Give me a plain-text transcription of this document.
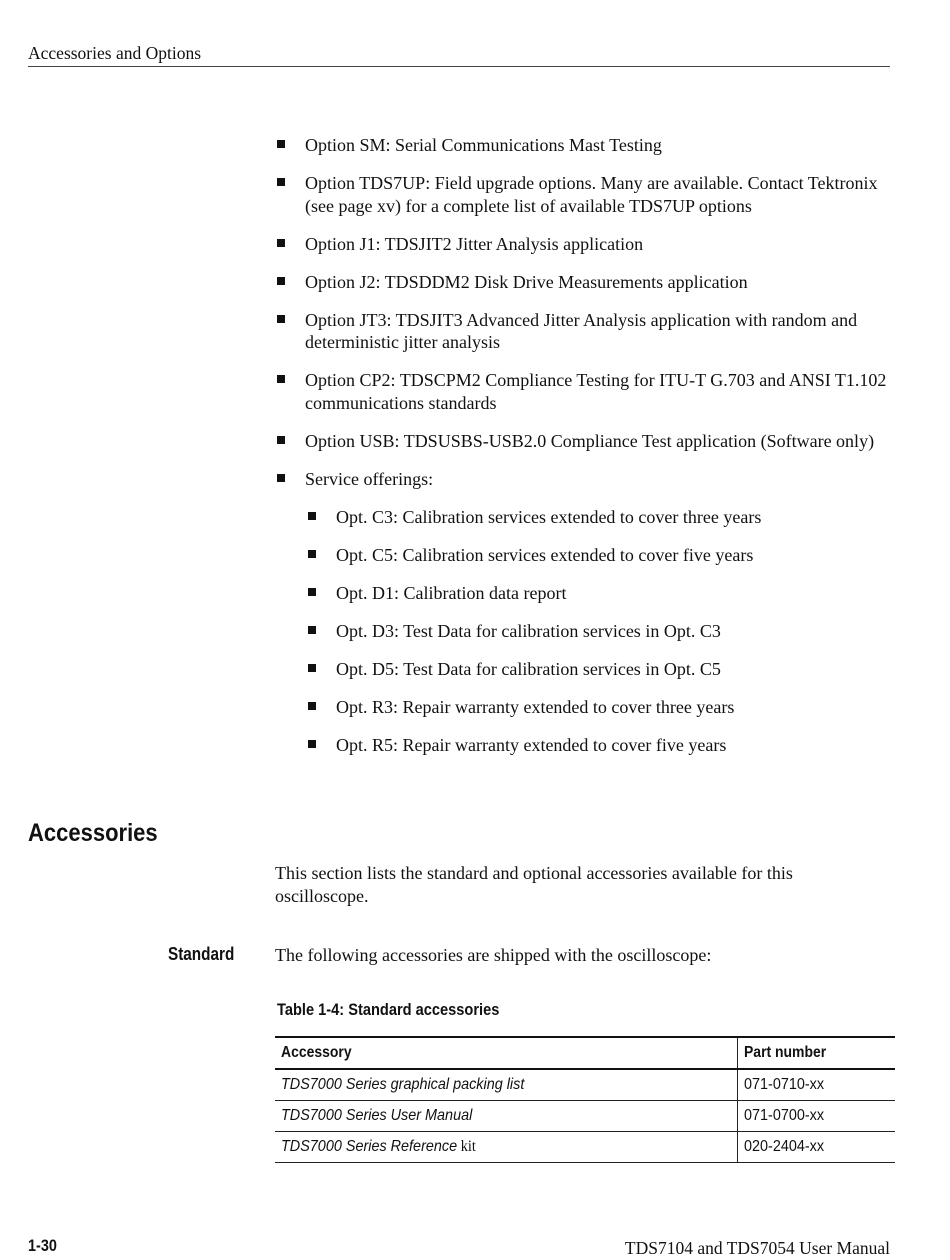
Accessories and Options
Option SM: Serial Communications Mast Testing
Option TDS7UP: Field upgrade options. Many are available. Contact Tektronix (see page xv) for a complete list of available TDS7UP options
Option J1: TDSJIT2 Jitter Analysis application
Option J2: TDSDDM2 Disk Drive Measurements application
Option JT3: TDSJIT3 Advanced Jitter Analysis application with random and deterministic jitter analysis
Option CP2: TDSCPM2 Compliance Testing for ITU-T G.703 and ANSI T1.102 communications standards
Option USB: TDSUSBS-USB2.0 Compliance Test application (Software only)
Service offerings:
Opt. C3: Calibration services extended to cover three years
Opt. C5: Calibration services extended to cover five years
Opt. D1: Calibration data report
Opt. D3: Test Data for calibration services in Opt. C3
Opt. D5: Test Data for calibration services in Opt. C5
Opt. R3: Repair warranty extended to cover three years
Opt. R5: Repair warranty extended to cover five years
Accessories
This section lists the standard and optional accessories available for this oscilloscope.
Standard The following accessories are shipped with the oscilloscope:
Table 1-4: Standard accessories
Accessory	Part number
TDS7000 Series graphical packing list	071-0710-xx
TDS7000 Series User Manual	071-0700-xx
TDS7000 Series Reference kit	020-2404-xx
1-30	TDS7104 and TDS7054 User Manual
